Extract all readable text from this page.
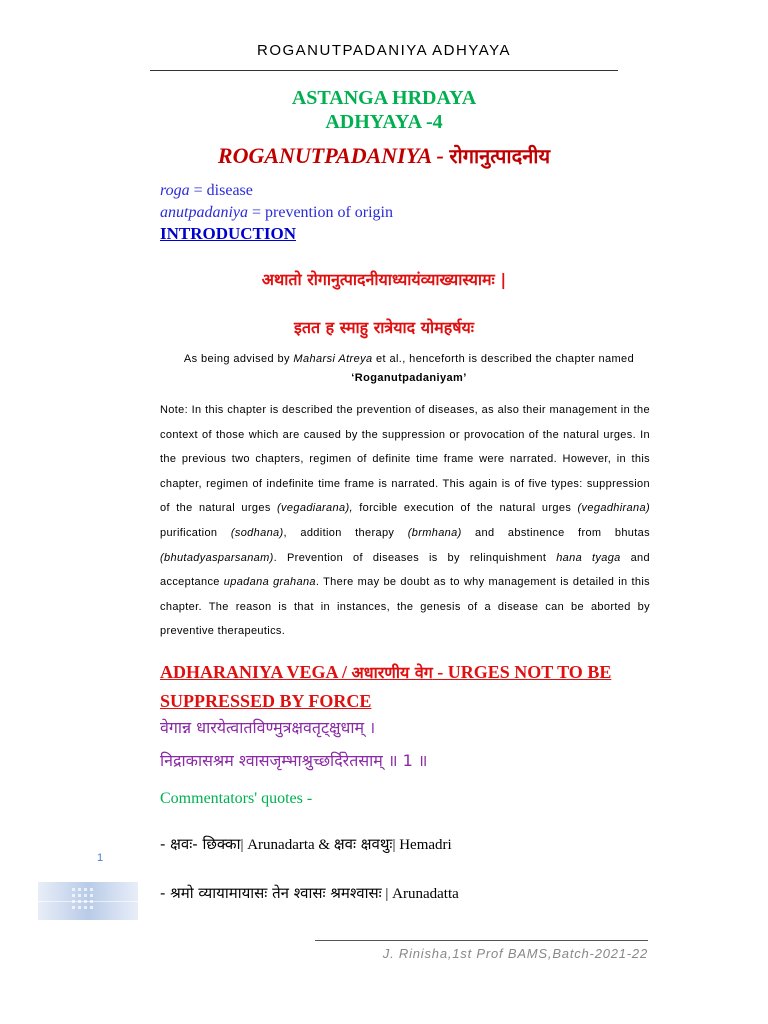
ROGANUTPADANIYA ADHYAYA
ASTANGA HRDAYA
ADHYAYA -4
ROGANUTPADANIYA - रोगानुत्पादनीय
roga = disease
anutpadaniya = prevention of origin
INTRODUCTION
अथातो रोगानुत्पादनीयाध्यायंव्याख्यास्यामः |
इतत ह स्माहु रात्रेयाद योमहर्षयः
As being advised by Maharsi Atreya et al., henceforth is described the chapter named
‘Roganutpadaniyam’
Note: In this chapter is described the prevention of diseases, as also their management in the context of those which are caused by the suppression or provocation of the natural urges. In the previous two chapters, regimen of definite time frame were narrated. However, in this chapter, regimen of indefinite time frame is narrated. This again is of five types: suppression of the natural urges (vegadiarana), forcible execution of the natural urges (vegadhirana) purification (sodhana), addition therapy (brmhana) and abstinence from bhutas (bhutadyasparsanam). Prevention of diseases is by relinquishment hana tyaga and acceptance upadana grahana. There may be doubt as to why management is detailed in this chapter. The reason is that in instances, the genesis of a disease can be aborted by preventive therapeutics.
ADHARANIYA VEGA / अधारणीय वेग - URGES NOT TO BE SUPPRESSED BY FORCE
वेगान्न धारयेत्वातविण्मुत्रक्षवतृट्क्षुधाम् ।
निद्राकासश्रम श्वासजृम्भाश्रुच्छर्दिरेतसाम् ॥ 1 ॥
Commentators' quotes -
- क्षवः- छिक्का| Arunadarta & क्षवः क्षवथुः| Hemadri
- श्रमो व्यायामायासः तेन श्वासः श्रमश्वासः | Arunadatta
1
J. Rinisha,1st Prof BAMS,Batch-2021-22
